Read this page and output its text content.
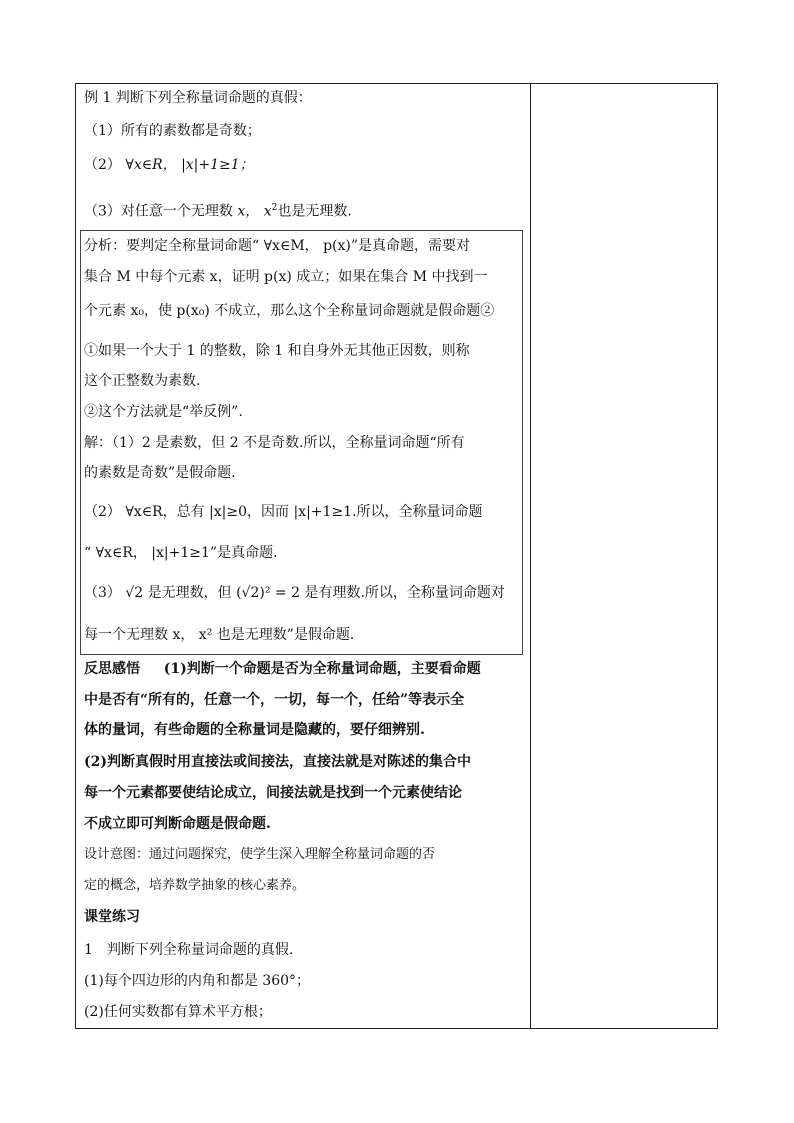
例 1 判断下列全称量词命题的真假：
（1）所有的素数都是奇数；
（2） ∀x∈R， |x|+1≥1；
（3）对任意一个无理数 x， $x^2$也是无理数.
分析：要判定全称量词命题“ ∀x∈M， p(x)”是真命题，需要对
集合 M 中每个元素 x，证明 p(x) 成立；如果在集合 M 中找到一
个元素 x₀，使 p(x₀) 不成立，那么这个全称量词命题就是假命题②
①如果一个大于 1 的整数，除 1 和自身外无其他正因数，则称
这个正整数为素数.
②这个方法就是“举反例”.
解：（1）2 是素数，但 2 不是奇数.所以，全称量词命题“所有
的素数是奇数”是假命题.
（2） ∀x∈R，总有 |x|≥0，因而 |x|+1≥1.所以，全称量词命题
“ ∀x∈R， |x|+1≥1”是真命题.
（3） √2 是无理数，但 (√2)² = 2 是有理数.所以，全称量词命题对
每一个无理数 x， x² 也是无理数”是假命题.
反思感悟 (1)判断一个命题是否为全称量词命题，主要看命题
中是否有“所有的，任意一个，一切，每一个，任给”等表示全
体的量词，有些命题的全称量词是隐藏的，要仔细辨别.
(2)判断真假时用直接法或间接法，直接法就是对陈述的集合中
每一个元素都要使结论成立，间接法就是找到一个元素使结论
不成立即可判断命题是假命题.
设计意图：通过问题探究，使学生深入理解全称量词命题的否
定的概念，培养数学抽象的核心素养。
课堂练习
1　判断下列全称量词命题的真假.
(1)每个四边形的内角和都是 360°；
(2)任何实数都有算术平方根；
